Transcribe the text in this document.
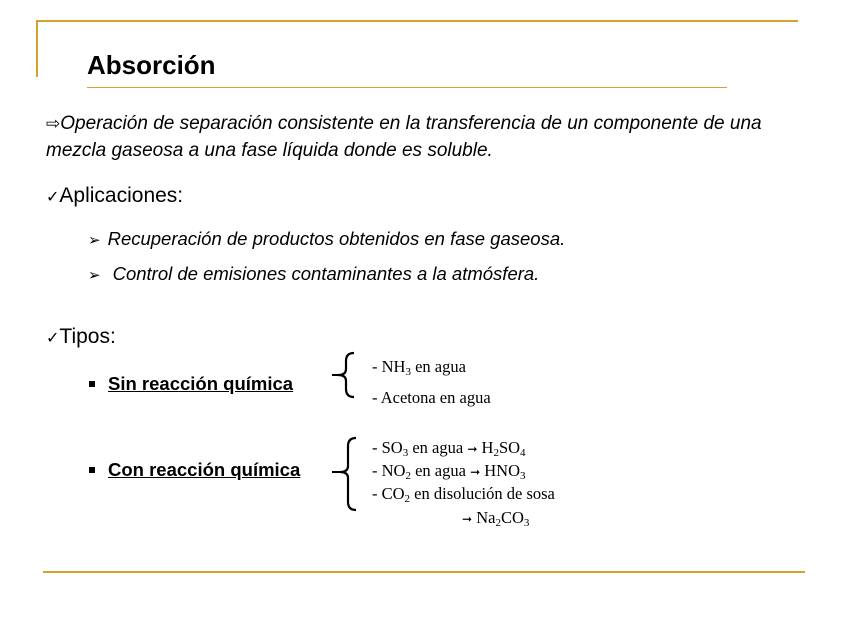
Absorción
⇨Operación de separación consistente en la transferencia de un componente de una mezcla gaseosa a una fase líquida donde es soluble.
✓Aplicaciones:
➢ Recuperación de productos obtenidos en fase gaseosa.
➢ Control de emisiones contaminantes a la atmósfera.
✓Tipos:
Sin reacción química
- $NH_3$ en agua
- Acetona en agua
Con reacción química
- $SO_3$ en agua ➞ $H_2SO_4$
- $NO_2$ en agua ➞ $HNO_3$
- $CO_2$ en disolución de sosa
➞ $Na_2CO_3$
